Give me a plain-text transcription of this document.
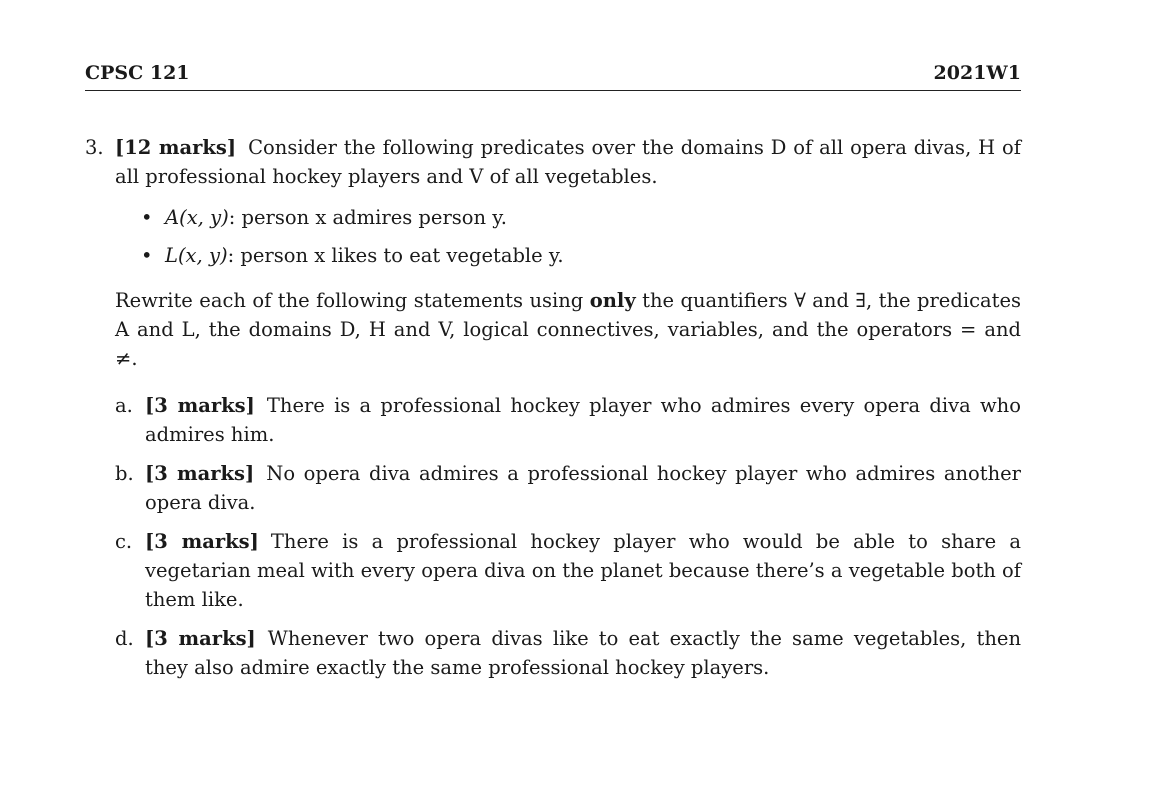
CPSC 121	2021W1
3. [12 marks] Consider the following predicates over the domains D of all opera divas, H of all professional hockey players and V of all vegetables.
• A(x, y): person x admires person y.
• L(x, y): person x likes to eat vegetable y.
Rewrite each of the following statements using only the quantifiers ∀ and ∃, the predicates A and L, the domains D, H and V, logical connectives, variables, and the operators = and ≠.
a. [3 marks] There is a professional hockey player who admires every opera diva who admires him.
b. [3 marks] No opera diva admires a professional hockey player who admires another opera diva.
c. [3 marks] There is a professional hockey player who would be able to share a vegetarian meal with every opera diva on the planet because there’s a vegetable both of them like.
d. [3 marks] Whenever two opera divas like to eat exactly the same vegetables, then they also admire exactly the same professional hockey players.
